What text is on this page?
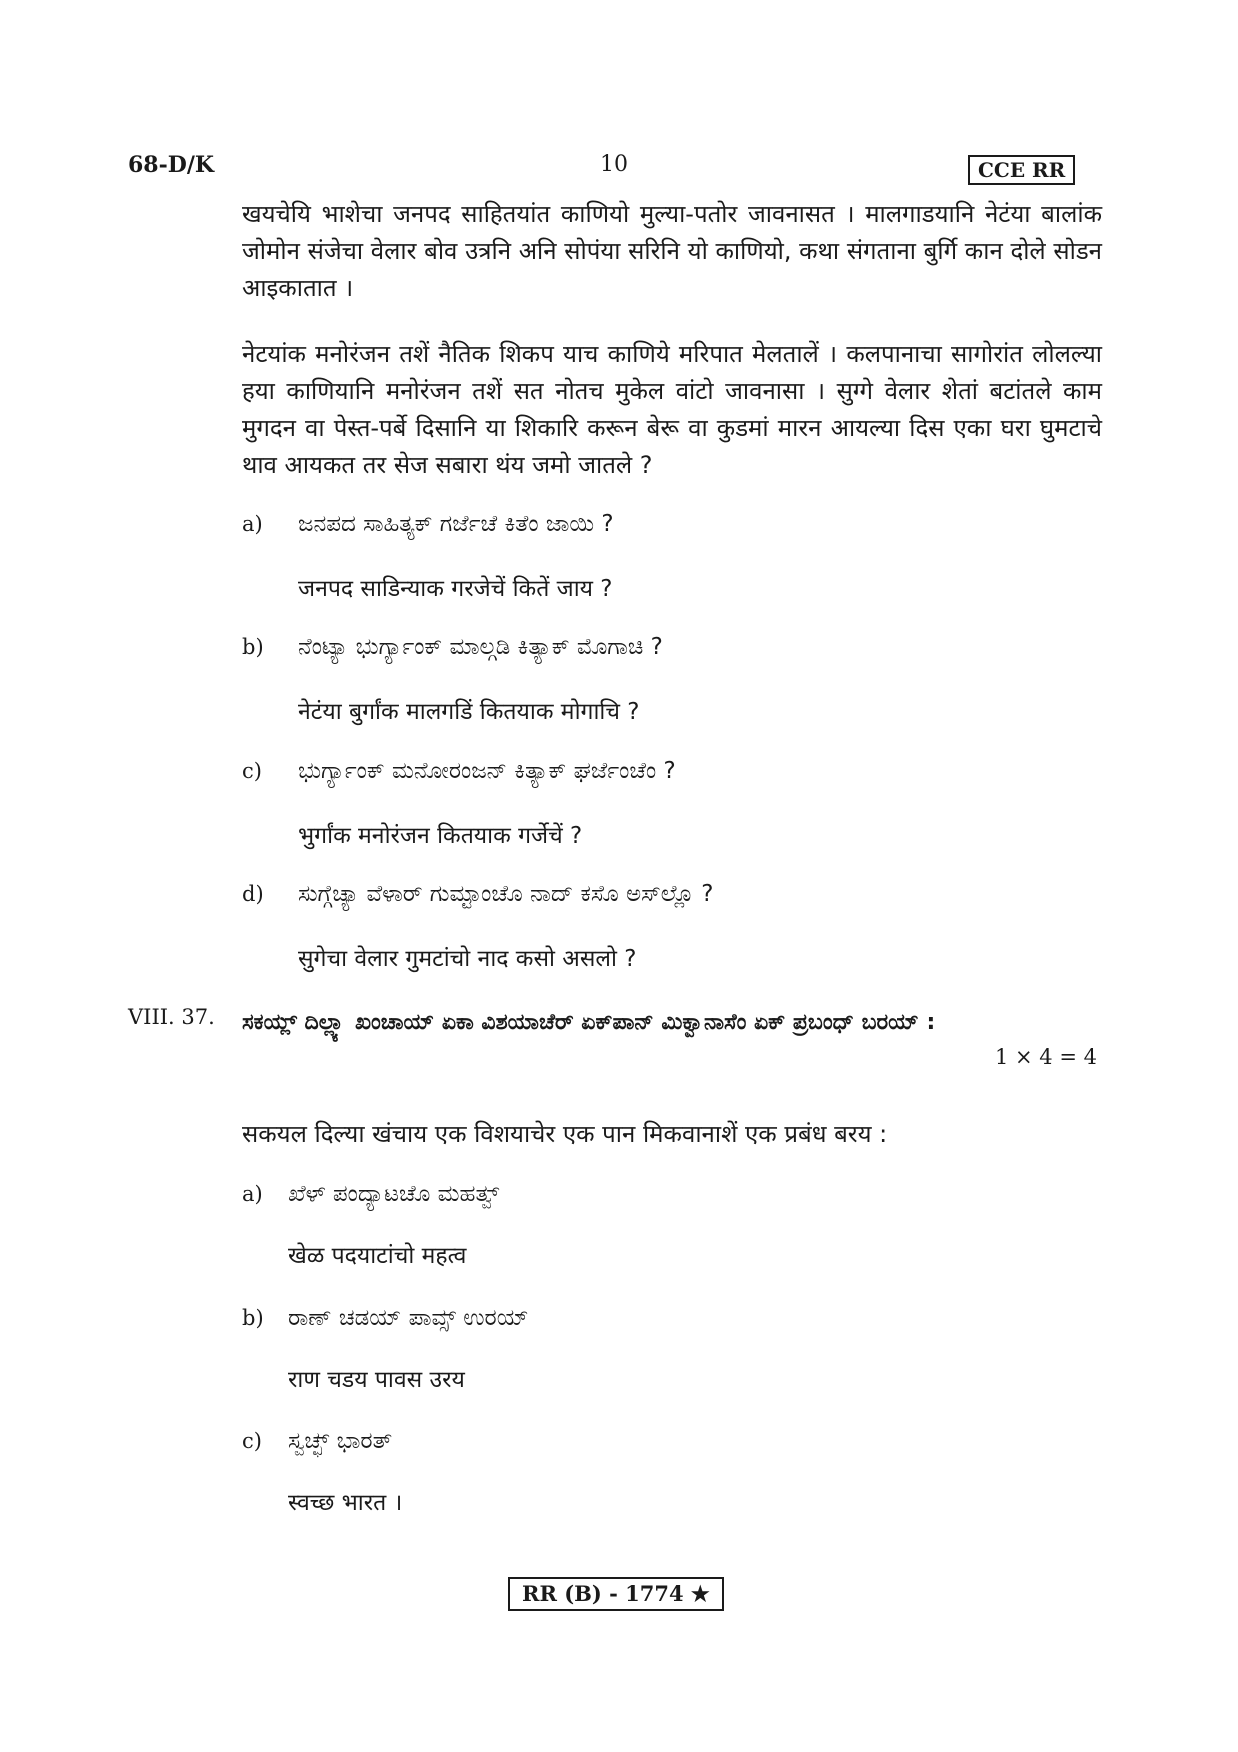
68-D/K	10	CCE RR
खयचेयि भाशेचा जनपद साहितयांत काणियो मुल्या-पतोर जावनासत । मालगाडयानि नेटंया बालांक जोमोन संजेचा वेलार बोव उत्रनि अनि सोपंया सरिनि यो काणियो, कथा संगताना बुर्गि कान दोले सोडन आइकातात ।
नेटयांक मनोरंजन तशें नैतिक शिकप याच काणिये मरिपात मेलतालें । कलपानाचा सागोरांत लोलल्या हया काणियानि मनोरंजन तशें सत नोतच मुकेल वांटो जावनासा । सुग्गे वेलार शेतां बटांतले काम मुगदन वा पेस्त-पर्बे दिसानि या शिकारि करून बेरू वा कुडमां मारन आयल्या दिस एका घरा घुमटाचे थाव आयकत तर सेज सबारा थंय जमो जातले ?
a) ಜನಪದ ಸಾಹಿತ್ಯಕ್ ಗರ್ಜೆಚೆ ಕಿತೆಂ ಜಾಯಿ ?
जनपद साडिन्याक गरजेचें कितें जाय ?
b) ನೆಂಟ್ಯಾ ಭುರ್ಗ್ಯಾಂಕ್ ಮಾಲ್ಗಡಿ ಕಿತ್ಯಾಕ್ ಮೊಗಾಚಿ ?
नेटंया बुर्गांक मालगडिं कितयाक मोगाचि ?
c) ಭುರ್ಗ್ಯಾಂಕ್ ಮನೋರಂಜನ್ ಕಿತ್ಯಾಕ್ ಘರ್ಜೆಂಚೆಂ ?
भुर्गांक मनोरंजन कितयाक गर्जेचें ?
d) ಸುಗ್ಗೆಚ್ಯಾ ವೆಳಾರ್ ಗುಮ್ಟಾಂಚೊ ನಾದ್ ಕಸೊ ಅಸ್‌ಲ್ಲೊ ?
सुगेचा वेलार गुमटांचो नाद कसो असलो ?
VIII. 37. ಸಕಯ್ಲ್ ದಿಲ್ಲ್ಯಾ ಖಂಚಾಯ್ ಏಕಾ ವಿಶಯಾಚೆರ್ ಏಕ್‌ಪಾನ್ ಮಿಕ್ವಾನಾಸೆಂ ಏಕ್ ಪ್ರಬಂಧ್ ಬರಯ್ :
1 × 4 = 4
सकयल दिल्या खंचाय एक विशयाचेर एक पान मिकवानाशें एक प्रबंध बरय :
a) ಖೆಳ್ ಪಂದ್ಯಾಟಚೊ ಮಹತ್ವ್
खेळ पदयाटांचो महत्व
b) ರಾಣ್ ಚಡಯ್ ಪಾವ್ಸ್ ಉರಯ್
राण चडय पावस उरय
c) ಸ್ವಚ್ಛ್ ಭಾರತ್
स्वच्छ भारत ।
RR (B) - 1774 ★
